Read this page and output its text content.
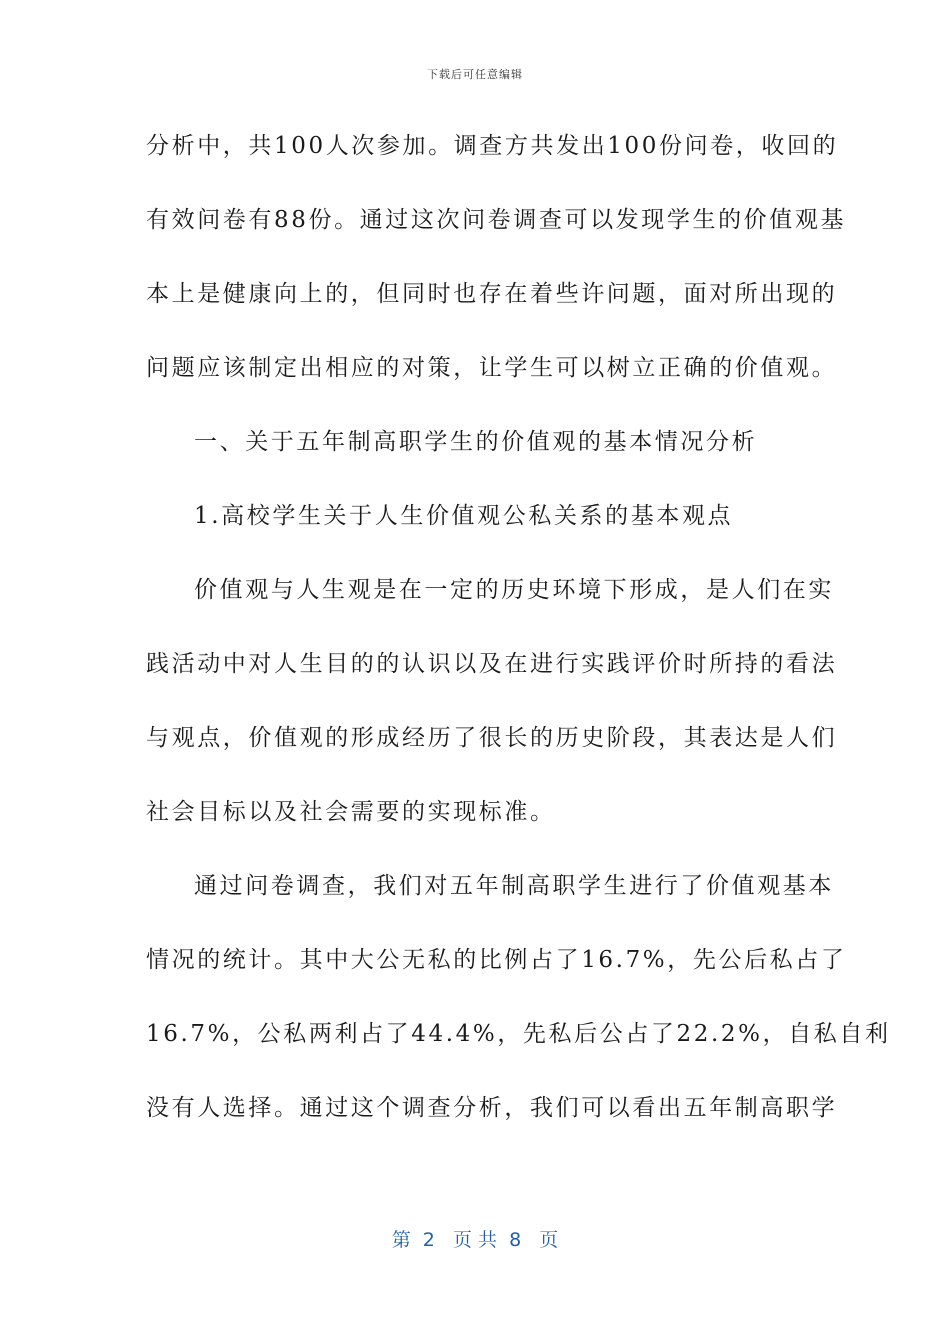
下载后可任意编辑
分析中，共100人次参加。调查方共发出100份问卷，收回的
有效问卷有88份。通过这次问卷调查可以发现学生的价值观基
本上是健康向上的，但同时也存在着些许问题，面对所出现的
问题应该制定出相应的对策，让学生可以树立正确的价值观。
一、关于五年制高职学生的价值观的基本情况分析
1.高校学生关于人生价值观公私关系的基本观点
价值观与人生观是在一定的历史环境下形成，是人们在实
践活动中对人生目的的认识以及在进行实践评价时所持的看法
与观点，价值观的形成经历了很长的历史阶段，其表达是人们
社会目标以及社会需要的实现标准。
通过问卷调查，我们对五年制高职学生进行了价值观基本
情况的统计。其中大公无私的比例占了16.7%，先公后私占了
16.7%，公私两利占了44.4%，先私后公占了22.2%，自私自利
没有人选择。通过这个调查分析，我们可以看出五年制高职学
第  2   页 共  8   页
